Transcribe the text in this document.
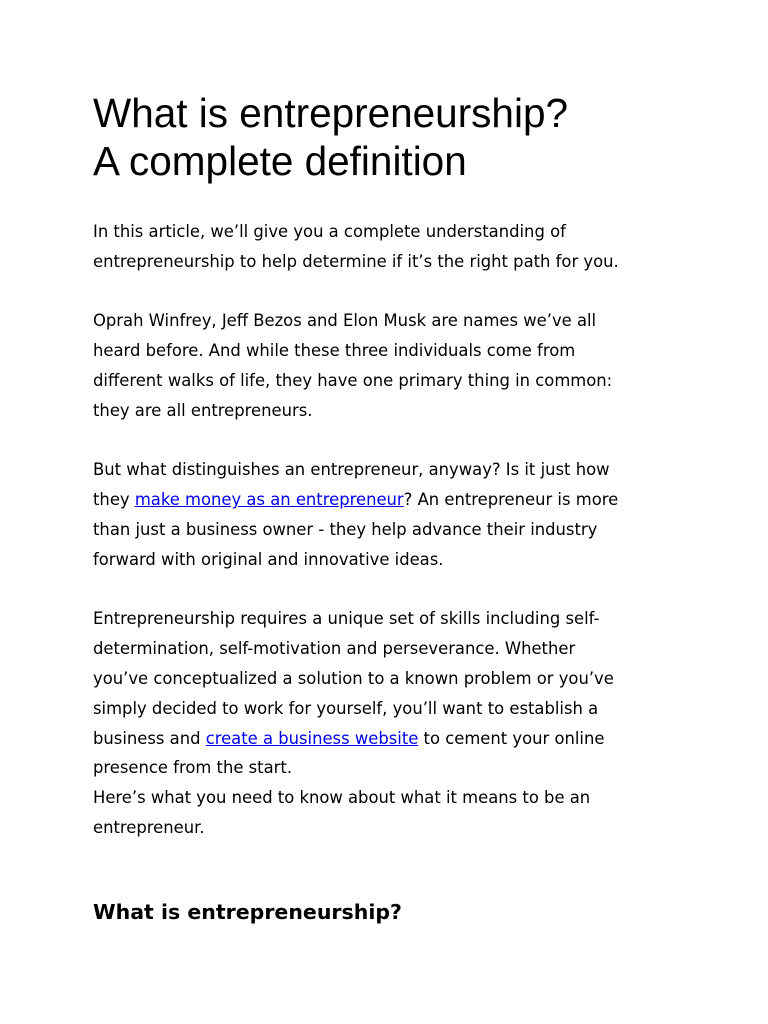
What is entrepreneurship?
A complete definition

In this article, we’ll give you a complete understanding of
entrepreneurship to help determine if it’s the right path for you.

Oprah Winfrey, Jeff Bezos and Elon Musk are names we’ve all
heard before. And while these three individuals come from
different walks of life, they have one primary thing in common:
they are all entrepreneurs.

But what distinguishes an entrepreneur, anyway? Is it just how
they make money as an entrepreneur? An entrepreneur is more
than just a business owner - they help advance their industry
forward with original and innovative ideas.

Entrepreneurship requires a unique set of skills including self-
determination, self-motivation and perseverance. Whether
you’ve conceptualized a solution to a known problem or you’ve
simply decided to work for yourself, you’ll want to establish a
business and create a business website to cement your online
presence from the start.
Here’s what you need to know about what it means to be an
entrepreneur.

What is entrepreneurship?
